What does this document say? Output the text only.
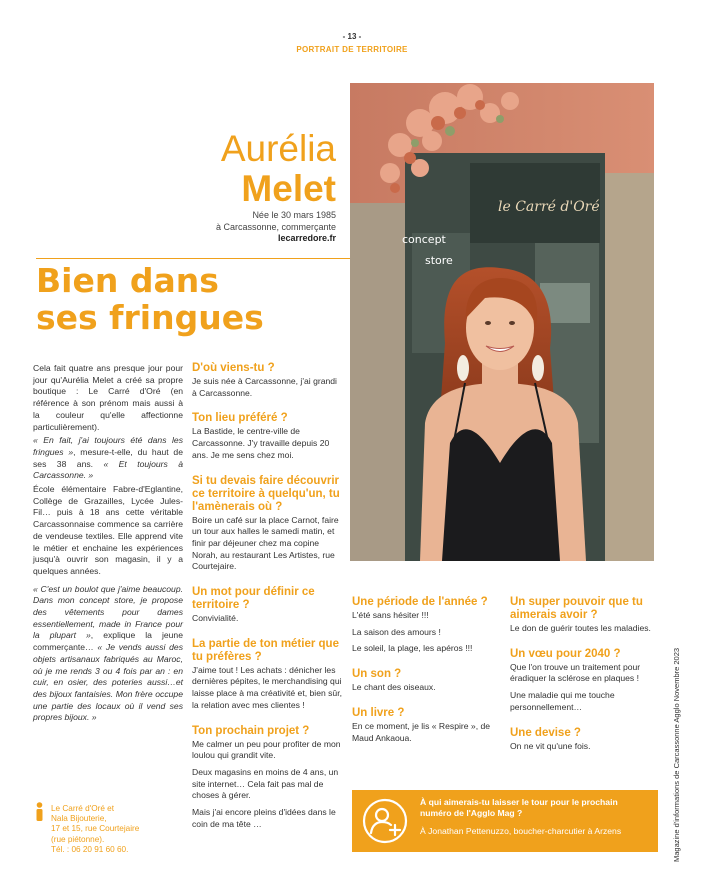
- 13 -
PORTRAIT DE TERRITOIRE
Aurélia
Melet
Née le 30 mars 1985
à Carcassonne, commerçante
lecarredore.fr
Bien dans
ses fringues
le Carré d'Oré
concept
store

Cela fait quatre ans presque jour pour jour qu'Aurélia Melet a créé sa propre boutique : Le Carré d'Oré (en référence à son prénom mais aussi à la couleur qu'elle affectionne particulièrement).

« En fait, j'ai toujours été dans les fringues », mesure-t-elle, du haut de ses 38 ans. « Et toujours à Carcassonne. »

École élémentaire Fabre-d'Eglantine, Collège de Grazailles, Lycée Jules-Fil… puis à 18 ans cette véritable Carcassonnaise commence sa carrière de vendeuse textiles. Elle apprend vite le métier et enchaine les expériences jusqu'à ouvrir son magasin, il y a quelques années.

« C'est un boulot que j'aime beaucoup. Dans mon concept store, je propose des vêtements pour dames essentiellement, made in France pour la plupart », explique la jeune commerçante… « Je vends aussi des objets artisanaux fabriqués au Maroc, où je me rends 3 ou 4 fois par an : en cuir, en osier, des poteries aussi…et des bijoux fantaisies. Mon frère occupe une partie des locaux où il vend ses propres bijoux. »

D'où viens-tu ?

Je suis née à Carcassonne, j'ai grandi à Carcassonne.

Ton lieu préféré ?

La Bastide, le centre-ville de Carcassonne. J'y travaille depuis 20 ans. Je me sens chez moi.

Si tu devais faire découvrir ce territoire à quelqu'un, tu l'amènerais où ?

Boire un café sur la place Carnot, faire un tour aux halles le samedi matin, et finir par déjeuner chez ma copine Norah, au restaurant Les Artistes, rue Courtejaire.

Un mot pour définir ce territoire ?

Convivialité.

La partie de ton métier que tu préfères ?

J'aime tout ! Les achats : dénicher les dernières pépites, le merchandising qui laisse place à ma créativité et, bien sûr, la relation avec mes clientes !

Ton prochain projet ?

Me calmer un peu pour profiter de mon loulou qui grandit vite.

Deux magasins en moins de 4 ans, un site internet… Cela fait pas mal de choses à gérer.

Mais j'ai encore pleins d'idées dans le coin de ma tête …

Une période de l'année ?

L'été sans hésiter !!!

La saison des amours !

Le soleil, la plage, les apéros !!!

Un son ?

Le chant des oiseaux.

Un livre ?

En ce moment, je lis « Respire », de Maud Ankaoua.

Un super pouvoir que tu aimerais avoir ?

Le don de guérir toutes les maladies.

Un vœu pour 2040 ?

Que l'on trouve un traitement pour éradiquer la sclérose en plaques !

Une maladie qui me touche personnellement…

Une devise ?

On ne vit qu'une fois.

Le Carré d'Oré et
Nala Bijouterie,
17 et 15, rue Courtejaire
(rue piétonne).
Tél. : 06 20 91 60 60.
À qui aimerais-tu laisser le tour pour le prochain numéro de l'Agglo Mag ?
À Jonathan Pettenuzzo, boucher-charcutier à Arzens	Magazine d'informations de Carcassonne Agglo Novembre 2023
